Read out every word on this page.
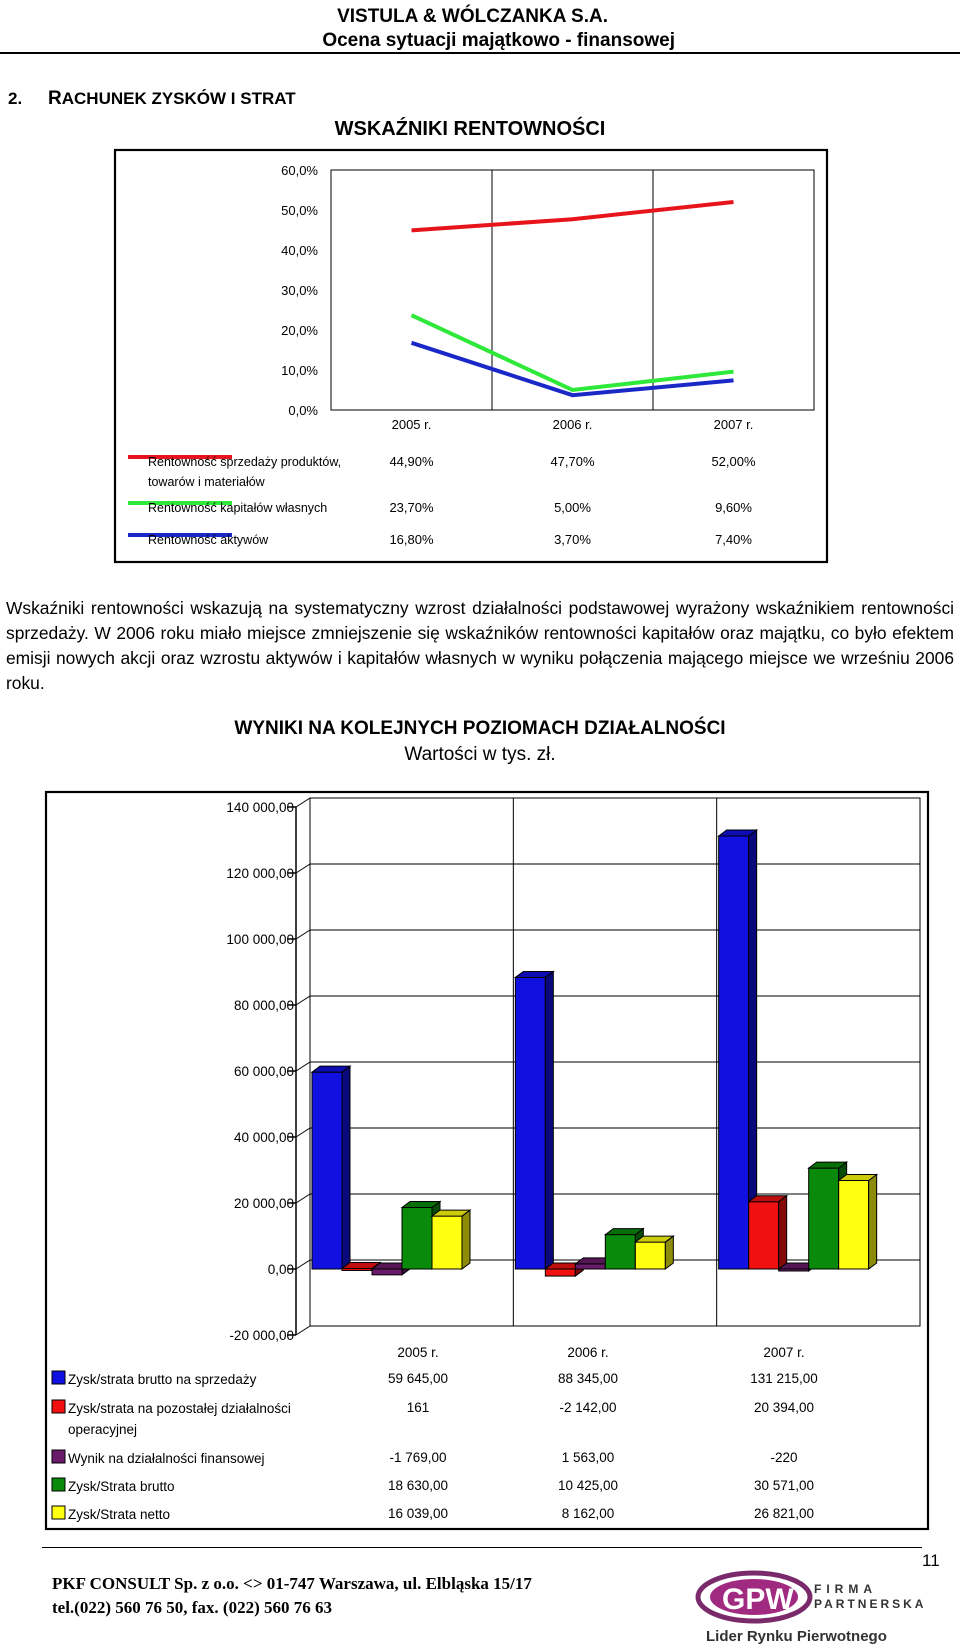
VISTULA & WÓLCZANKA S.A.
Ocena sytuacji majątkowo - finansowej
2. RACHUNEK ZYSKÓW I STRAT
WSKAŹNIKI RENTOWNOŚCI
0,0%
10,0%
20,0%
30,0%
40,0%
50,0%
60,0%
2005 r.	2006 r.	2007 r.
Rentowność sprzedaży produktów,
towarów i materiałów
44,90%	47,70%	52,00%
Rentowność kapitałów własnych	23,70%	5,00%	9,60%
Rentowność aktywów	16,80%	3,70%	7,40%
Wskaźniki rentowności wskazują na systematyczny wzrost działalności podstawowej wyrażony wskaźnikiem rentowności sprzedaży. W 2006 roku miało miejsce zmniejszenie się wskaźników rentowności kapitałów oraz majątku, co było efektem emisji nowych akcji oraz wzrostu aktywów i kapitałów własnych w wyniku połączenia mającego miejsce we wrześniu 2006 roku.
WYNIKI NA KOLEJNYCH POZIOMACH DZIAŁALNOŚCI
Wartości w tys. zł.
-20 000,00
0,00
20 000,00
40 000,00
60 000,00
80 000,00
100 000,00
120 000,00
140 000,00
2005 r.	2006 r.	2007 r.
Zysk/strata brutto na sprzedaży	59 645,00	88 345,00	131 215,00
Zysk/strata na pozostałej działalności
operacyjnej
161	-2 142,00	20 394,00
Wynik na działalności finansowej	-1 769,00	1 563,00	-220
Zysk/Strata brutto	18 630,00	10 425,00	30 571,00
Zysk/Strata netto	16 039,00	8 162,00	26 821,00
11
PKF CONSULT Sp. z o.o. <> 01-747 Warszawa, ul. Elbląska 15/17
tel.(022) 560 76 50, fax. (022) 560 76 63	GPW FIRMA
PARTNERSKA
Lider Rynku Pierwotnego
